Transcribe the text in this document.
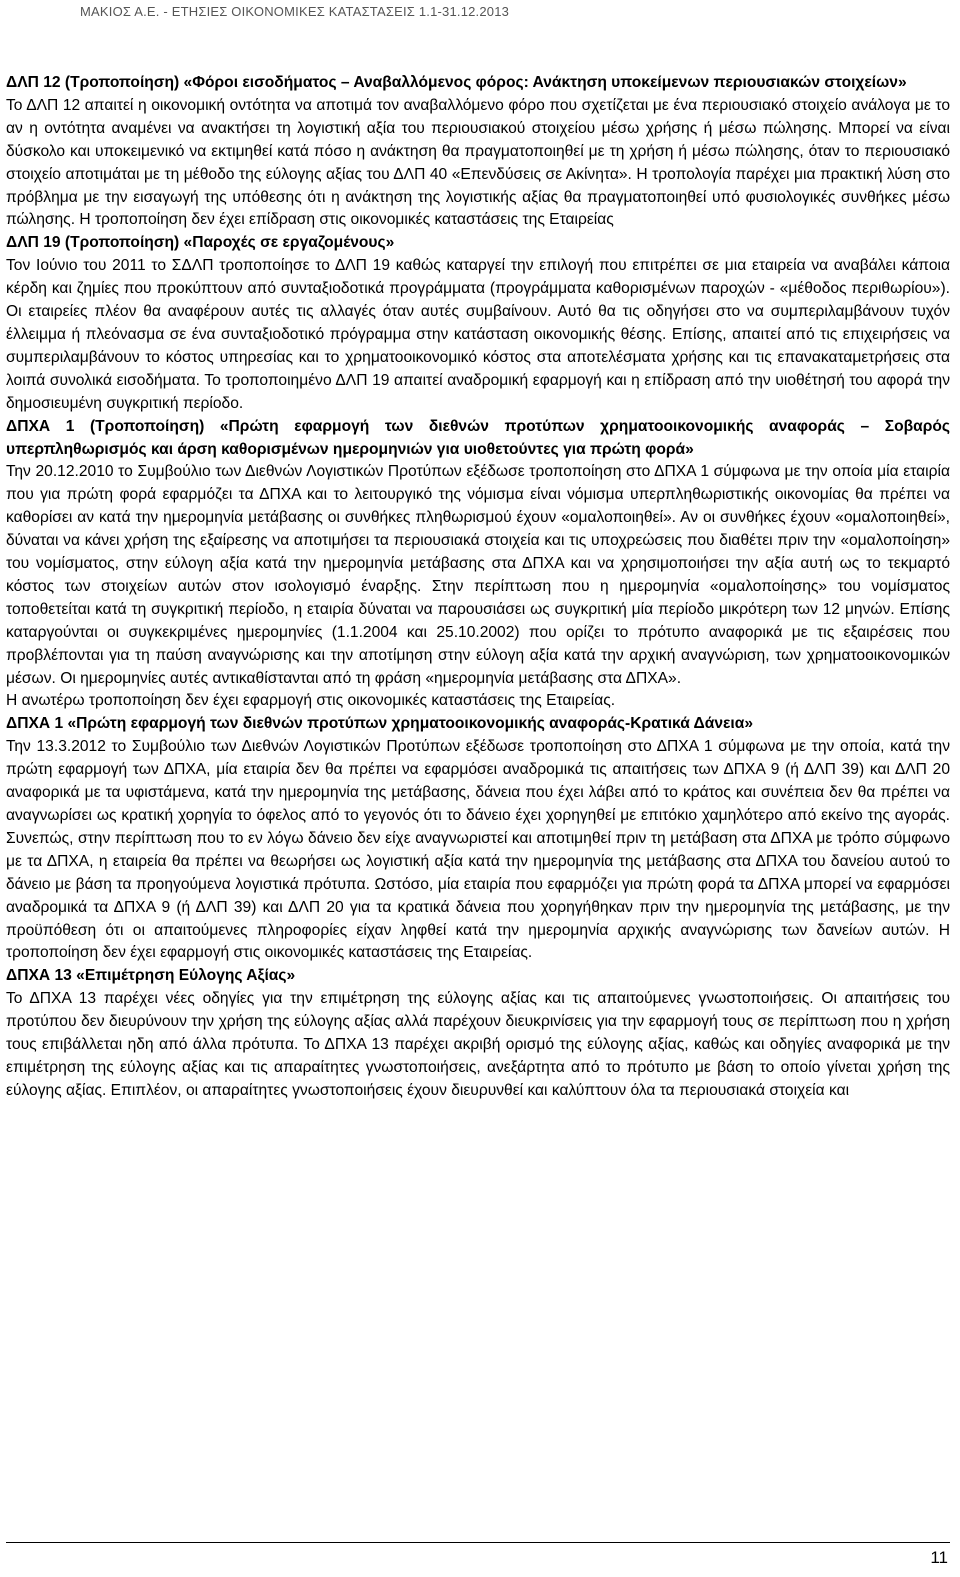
ΜΑΚΙΟΣ Α.Ε. - ΕΤΗΣΙΕΣ ΟΙΚΟΝΟΜΙΚΕΣ ΚΑΤΑΣΤΑΣΕΙΣ 1.1-31.12.2013

ΔΛΠ 12 (Τροποποίηση) «Φόροι εισοδήματος – Αναβαλλόμενος φόρος: Ανάκτηση υποκείμενων περιουσιακών στοιχείων»

Το ΔΛΠ 12 απαιτεί η οικονομική οντότητα να αποτιμά τον αναβαλλόμενο φόρο που σχετίζεται με ένα περιουσιακό στοιχείο ανάλογα με το αν η οντότητα αναμένει να ανακτήσει τη λογιστική αξία του περιουσιακού στοιχείου μέσω χρήσης ή μέσω πώλησης. Μπορεί να είναι δύσκολο και υποκειμενικό να εκτιμηθεί κατά πόσο η ανάκτηση θα πραγματοποιηθεί με τη χρήση ή μέσω πώλησης, όταν το περιουσιακό στοιχείο αποτιμάται με τη μέθοδο της εύλογης αξίας του ΔΛΠ 40 «Επενδύσεις σε Ακίνητα». Η τροπολογία παρέχει μια πρακτική λύση στο πρόβλημα με την εισαγωγή της υπόθεσης ότι η ανάκτηση της λογιστικής αξίας θα πραγματοποιηθεί υπό φυσιολογικές συνθήκες μέσω πώλησης. Η τροποποίηση δεν έχει επίδραση στις οικονομικές καταστάσεις της Εταιρείας

ΔΛΠ 19 (Τροποποίηση) «Παροχές σε εργαζομένους»

Τον Ιούνιο του 2011 το ΣΔΛΠ τροποποίησε το ΔΛΠ 19 καθώς καταργεί την επιλογή που επιτρέπει σε μια εταιρεία να αναβάλει κάποια κέρδη και ζημίες που προκύπτουν από συνταξιοδοτικά προγράμματα (προγράμματα καθορισμένων παροχών - «μέθοδος περιθωρίου»). Οι εταιρείες πλέον θα αναφέρουν αυτές τις αλλαγές όταν αυτές συμβαίνουν. Αυτό θα τις οδηγήσει στο να συμπεριλαμβάνουν τυχόν έλλειμμα ή πλεόνασμα σε ένα συνταξιοδοτικό πρόγραμμα στην κατάσταση οικονομικής θέσης. Επίσης, απαιτεί από τις επιχειρήσεις να συμπεριλαμβάνουν το κόστος υπηρεσίας και το χρηματοοικονομικό κόστος στα αποτελέσματα χρήσης και τις επανακαταμετρήσεις στα λοιπά συνολικά εισοδήματα. Το τροποποιημένο ΔΛΠ 19 απαιτεί αναδρομική εφαρμογή και η επίδραση από την υιοθέτησή του αφορά την δημοσιευμένη συγκριτική περίοδο.

ΔΠΧΑ 1 (Τροποποίηση) «Πρώτη εφαρμογή των διεθνών προτύπων χρηματοοικονομικής αναφοράς – Σοβαρός υπερπληθωρισμός και άρση καθορισμένων ημερομηνιών για υιοθετούντες για πρώτη φορά»

Την 20.12.2010 το Συμβούλιο των Διεθνών Λογιστικών Προτύπων εξέδωσε τροποποίηση στο ΔΠΧΑ 1 σύμφωνα με την οποία μία εταιρία που για πρώτη φορά εφαρμόζει τα ΔΠΧΑ και το λειτουργικό της νόμισμα είναι νόμισμα υπερπληθωριστικής οικονομίας θα πρέπει να καθορίσει αν κατά την ημερομηνία μετάβασης οι συνθήκες πληθωρισμού έχουν «ομαλοποιηθεί». Αν οι συνθήκες έχουν «ομαλοποιηθεί», δύναται να κάνει χρήση της εξαίρεσης να αποτιμήσει τα περιουσιακά στοιχεία και τις υποχρεώσεις που διαθέτει πριν την «ομαλοποίηση» του νομίσματος, στην εύλογη αξία κατά την ημερομηνία μετάβασης στα ΔΠΧΑ και να χρησιμοποιήσει την αξία αυτή ως το τεκμαρτό κόστος των στοιχείων αυτών στον ισολογισμό έναρξης. Στην περίπτωση που η ημερομηνία «ομαλοποίησης» του νομίσματος τοποθετείται κατά τη συγκριτική περίοδο, η εταιρία δύναται να παρουσιάσει ως συγκριτική μία περίοδο μικρότερη των 12 μηνών. Επίσης καταργούνται οι συγκεκριμένες ημερομηνίες (1.1.2004 και 25.10.2002) που ορίζει το πρότυπο αναφορικά με τις εξαιρέσεις που προβλέπονται για τη παύση αναγνώρισης και την αποτίμηση στην εύλογη αξία κατά την αρχική αναγνώριση, των χρηματοοικονομικών μέσων. Οι ημερομηνίες αυτές αντικαθίστανται από τη φράση «ημερομηνία μετάβασης στα ΔΠΧΑ».

Η ανωτέρω τροποποίηση δεν έχει εφαρμογή στις οικονομικές καταστάσεις της Εταιρείας.

ΔΠΧΑ 1 «Πρώτη εφαρμογή των διεθνών προτύπων χρηματοοικονομικής αναφοράς-Κρατικά Δάνεια»

Την 13.3.2012 το Συμβούλιο των Διεθνών Λογιστικών Προτύπων εξέδωσε τροποποίηση στο ΔΠΧΑ 1 σύμφωνα με την οποία, κατά την πρώτη εφαρμογή των ΔΠΧΑ, μία εταιρία δεν θα πρέπει να εφαρμόσει αναδρομικά τις απαιτήσεις των ΔΠΧΑ 9 (ή ΔΛΠ 39) και ΔΛΠ 20 αναφορικά με τα υφιστάμενα, κατά την ημερομηνία της μετάβασης, δάνεια που έχει λάβει από το κράτος και συνέπεια δεν θα πρέπει να αναγνωρίσει ως κρατική χορηγία το όφελος από το γεγονός ότι το δάνειο έχει χορηγηθεί με επιτόκιο χαμηλότερο από εκείνο της αγοράς. Συνεπώς, στην περίπτωση που το εν λόγω δάνειο δεν είχε αναγνωριστεί και αποτιμηθεί πριν τη μετάβαση στα ΔΠΧΑ με τρόπο σύμφωνο με τα ΔΠΧΑ, η εταιρεία θα πρέπει να θεωρήσει ως λογιστική αξία κατά την ημερομηνία της μετάβασης στα ΔΠΧΑ του δανείου αυτού το δάνειο με βάση τα προηγούμενα λογιστικά πρότυπα. Ωστόσο, μία εταιρία που εφαρμόζει για πρώτη φορά τα ΔΠΧΑ μπορεί να εφαρμόσει αναδρομικά τα ΔΠΧΑ 9 (ή ΔΛΠ 39) και ΔΛΠ 20 για τα κρατικά δάνεια που χορηγήθηκαν πριν την ημερομηνία της μετάβασης, με την προϋπόθεση ότι οι απαιτούμενες πληροφορίες είχαν ληφθεί κατά την ημερομηνία αρχικής αναγνώρισης των δανείων αυτών. Η τροποποίηση δεν έχει εφαρμογή στις οικονομικές καταστάσεις της Εταιρείας.

ΔΠΧΑ 13 «Επιμέτρηση Εύλογης Αξίας»

Το ΔΠΧΑ 13 παρέχει νέες οδηγίες για την επιμέτρηση της εύλογης αξίας και τις απαιτούμενες γνωστοποιήσεις. Οι απαιτήσεις του προτύπου δεν διευρύνουν την χρήση της εύλογης αξίας αλλά παρέχουν διευκρινίσεις για την εφαρμογή τους σε περίπτωση που η χρήση τους επιβάλλεται ηδη από άλλα πρότυπα. Το ΔΠΧΑ 13 παρέχει ακριβή ορισμό της εύλογης αξίας, καθώς και οδηγίες αναφορικά με την επιμέτρηση της εύλογης αξίας και τις απαραίτητες γνωστοποιήσεις, ανεξάρτητα από το πρότυπο με βάση το οποίο γίνεται χρήση της εύλογης αξίας. Επιπλέον, οι απαραίτητες γνωστοποιήσεις έχουν διευρυνθεί και καλύπτουν όλα τα περιουσιακά στοιχεία και

11
